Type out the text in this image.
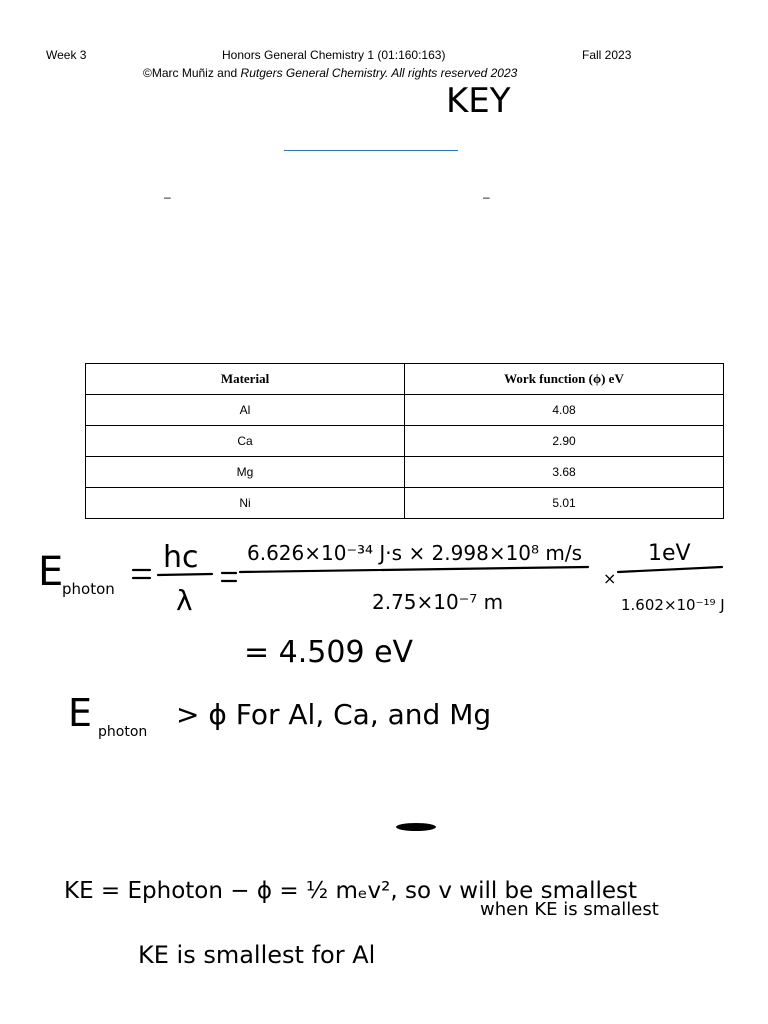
Week 3	Honors General Chemistry 1 (01:160:163)	Fall 2023
©Marc Muñiz and Rutgers General Chemistry. All rights reserved 2023
–	–
Material	Work function (ϕ) eV
Al	4.08
Ca	2.90
Mg	3.68
Ni	5.01
KEY
E
photon
hc
λ
6.626×10⁻³⁴ J·s × 2.998×10⁸ m/s
2.75×10⁻⁷ m
×
1eV
1.602×10⁻¹⁹ J
= 4.509 eV
E photon
> ϕ For Al, Ca, and Mg
KE = Ephoton − ϕ = ½ mₑv², so v will be smallest
when KE is smallest
KE is smallest for Al
